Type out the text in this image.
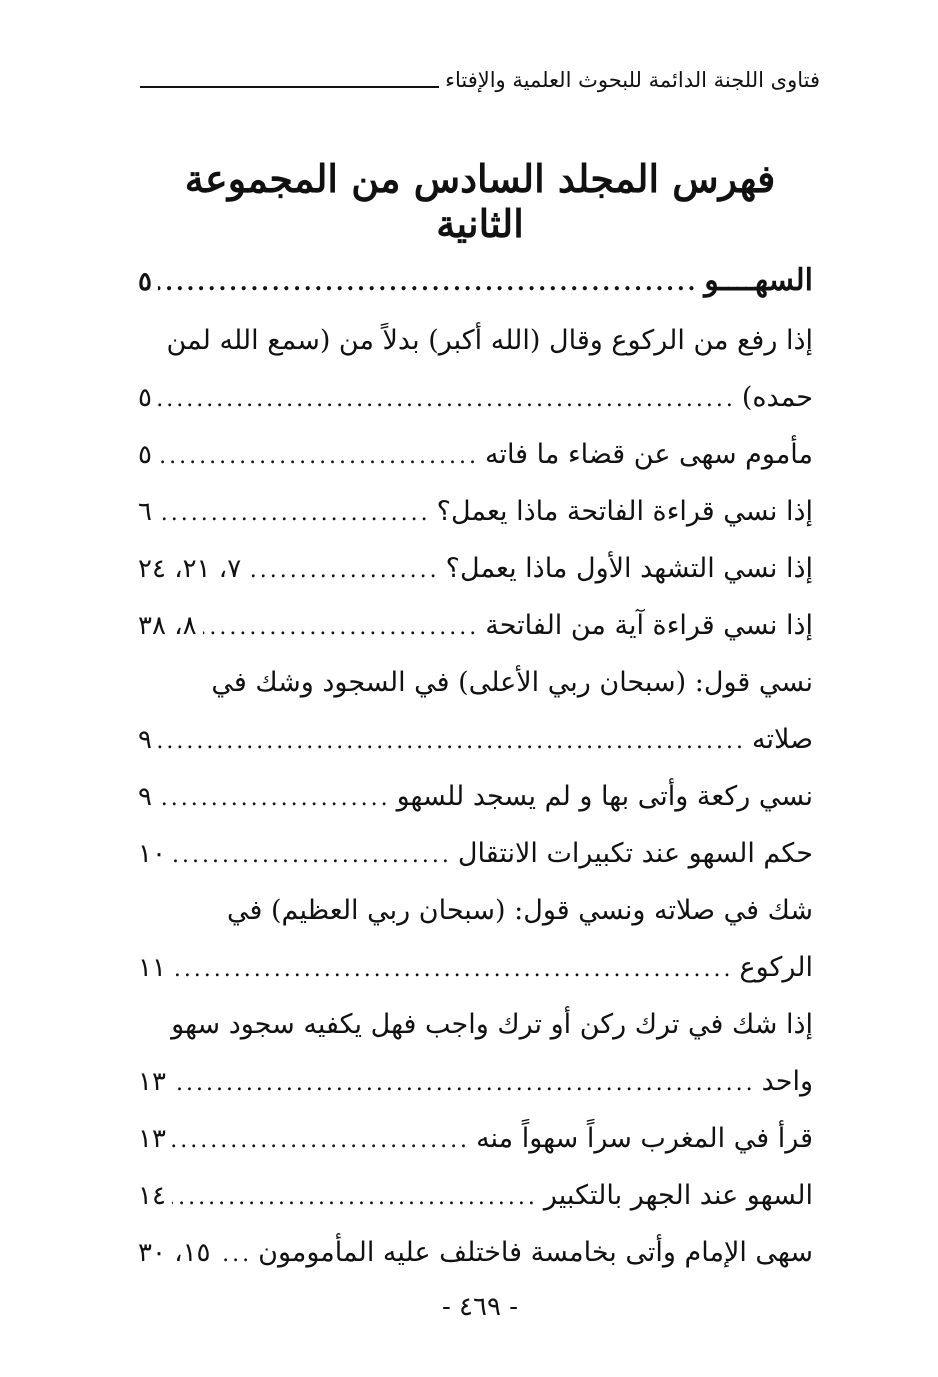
فتاوى اللجنة الدائمة للبحوث العلمية والإفتاء
فهرس المجلد السادس من المجموعة الثانية
السهــــو
.....
٥
إذا رفع من الركوع وقال (الله أكبر) بدلاً من (سمع الله لمن
حمده)
.....
٥
مأموم سهى عن قضاء ما فاته
.....
٥
إذا نسي قراءة الفاتحة ماذا يعمل؟
.....
٦
إذا نسي التشهد الأول ماذا يعمل؟
.....
٧، ٢١، ٢٤
إذا نسي قراءة آية من الفاتحة
.....
٨، ٣٨
نسي قول: (سبحان ربي الأعلى) في السجود وشك في
صلاته
.....
٩
نسي ركعة وأتى بها و لم يسجد للسهو
.....
٩
حكم السهو عند تكبيرات الانتقال
.....
١٠
شك في صلاته ونسي قول: (سبحان ربي العظيم) في
الركوع
.....
١١
إذا شك في ترك ركن أو ترك واجب فهل يكفيه سجود سهو
واحد
.....
١٣
قرأ في المغرب سراً سهواً منه
.....
١٣
السهو عند الجهر بالتكبير
.....
١٤
سهى الإمام وأتى بخامسة فاختلف عليه المأمومون
.....
١٥، ٣٠
- ٤٦٩ -
